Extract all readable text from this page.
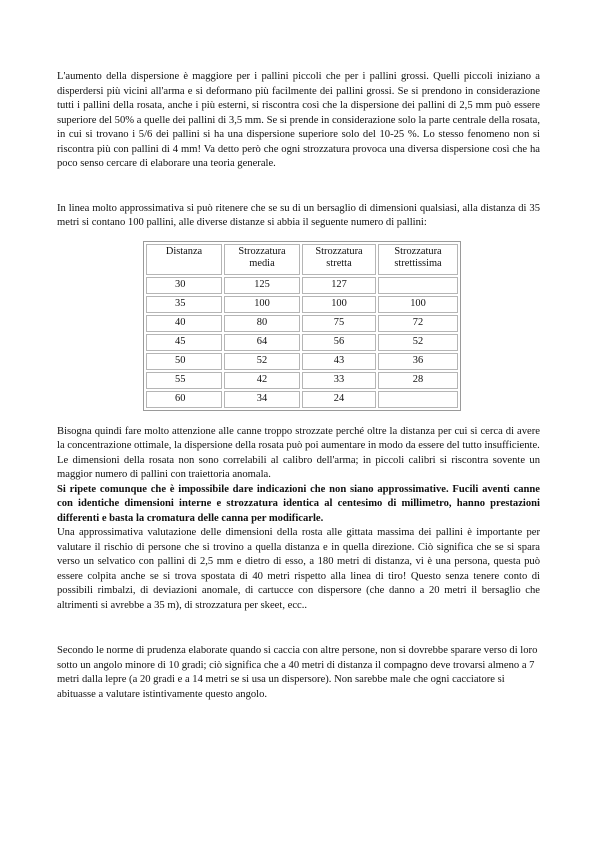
L'aumento della dispersione è maggiore per i pallini piccoli che per i pallini grossi. Quelli piccoli iniziano a disperdersi più vicini all'arma e si deformano più facilmente dei pallini grossi. Se si prendono in considerazione tutti i pallini della rosata, anche i più esterni, si riscontra così che la dispersione dei pallini di 2,5 mm può essere superiore del 50% a quelle dei pallini di 3,5 mm. Se si prende in considerazione solo la parte centrale della rosata, in cui si trovano i 5/6 dei pallini si ha una dispersione superiore solo del 10-25 %. Lo stesso fenomeno non si riscontra più con pallini di 4 mm! Va detto però che ogni strozzatura provoca una diversa dispersione così che ha poco senso cercare di elaborare una teoria generale.

In linea molto approssimativa si può ritenere che se su di un bersaglio di dimensioni qualsiasi, alla distanza di 35 metri si contano 100 pallini, alle diverse distanze si abbia il seguente numero di pallini:

Distanza	Strozzatura media	Strozzatura stretta	Strozzatura strettissima
30	125	127	
35	100	100	100
40	80	75	72
45	64	56	52
50	52	43	36
55	42	33	28
60	34	24	

Bisogna quindi fare molto attenzione alle canne troppo strozzate perché oltre la distanza per cui si cerca di avere la concentrazione ottimale, la dispersione della rosata può poi aumentare in modo da essere del tutto insufficiente.

Le dimensioni della rosata non sono correlabili al calibro dell'arma; in piccoli calibri si riscontra sovente un maggior numero di pallini con traiettoria anomala.

Si ripete comunque che è impossibile dare indicazioni che non siano approssimative. Fucili aventi canne con identiche dimensioni interne e strozzatura identica al centesimo di millimetro, hanno prestazioni differenti e basta la cromatura delle canna per modificarle.

Una approssimativa valutazione delle dimensioni della rosta alle gittata massima dei pallini è importante per valutare il rischio di persone che si trovino a quella distanza e in quella direzione. Ciò significa che se si spara verso un selvatico con pallini di 2,5 mm e dietro di esso, a 180 metri di distanza, vi è una persona, questa può essere colpita anche se si trova spostata di 40 metri rispetto alla linea di tiro! Questo senza tenere conto di possibili rimbalzi, di deviazioni anomale, di cartucce con dispersore (che danno a 20 metri il bersaglio che altrimenti si avrebbe a 35 m), di strozzatura per skeet, ecc..

Secondo le norme di prudenza elaborate quando si caccia con altre persone, non si dovrebbe sparare verso di loro sotto un angolo minore di 10 gradi; ciò significa che a 40 metri di distanza il compagno deve trovarsi almeno a 7 metri dalla lepre (a 20 gradi e a 14 metri se si usa un dispersore). Non sarebbe male che ogni cacciatore si abituasse a valutare istintivamente questo angolo.
